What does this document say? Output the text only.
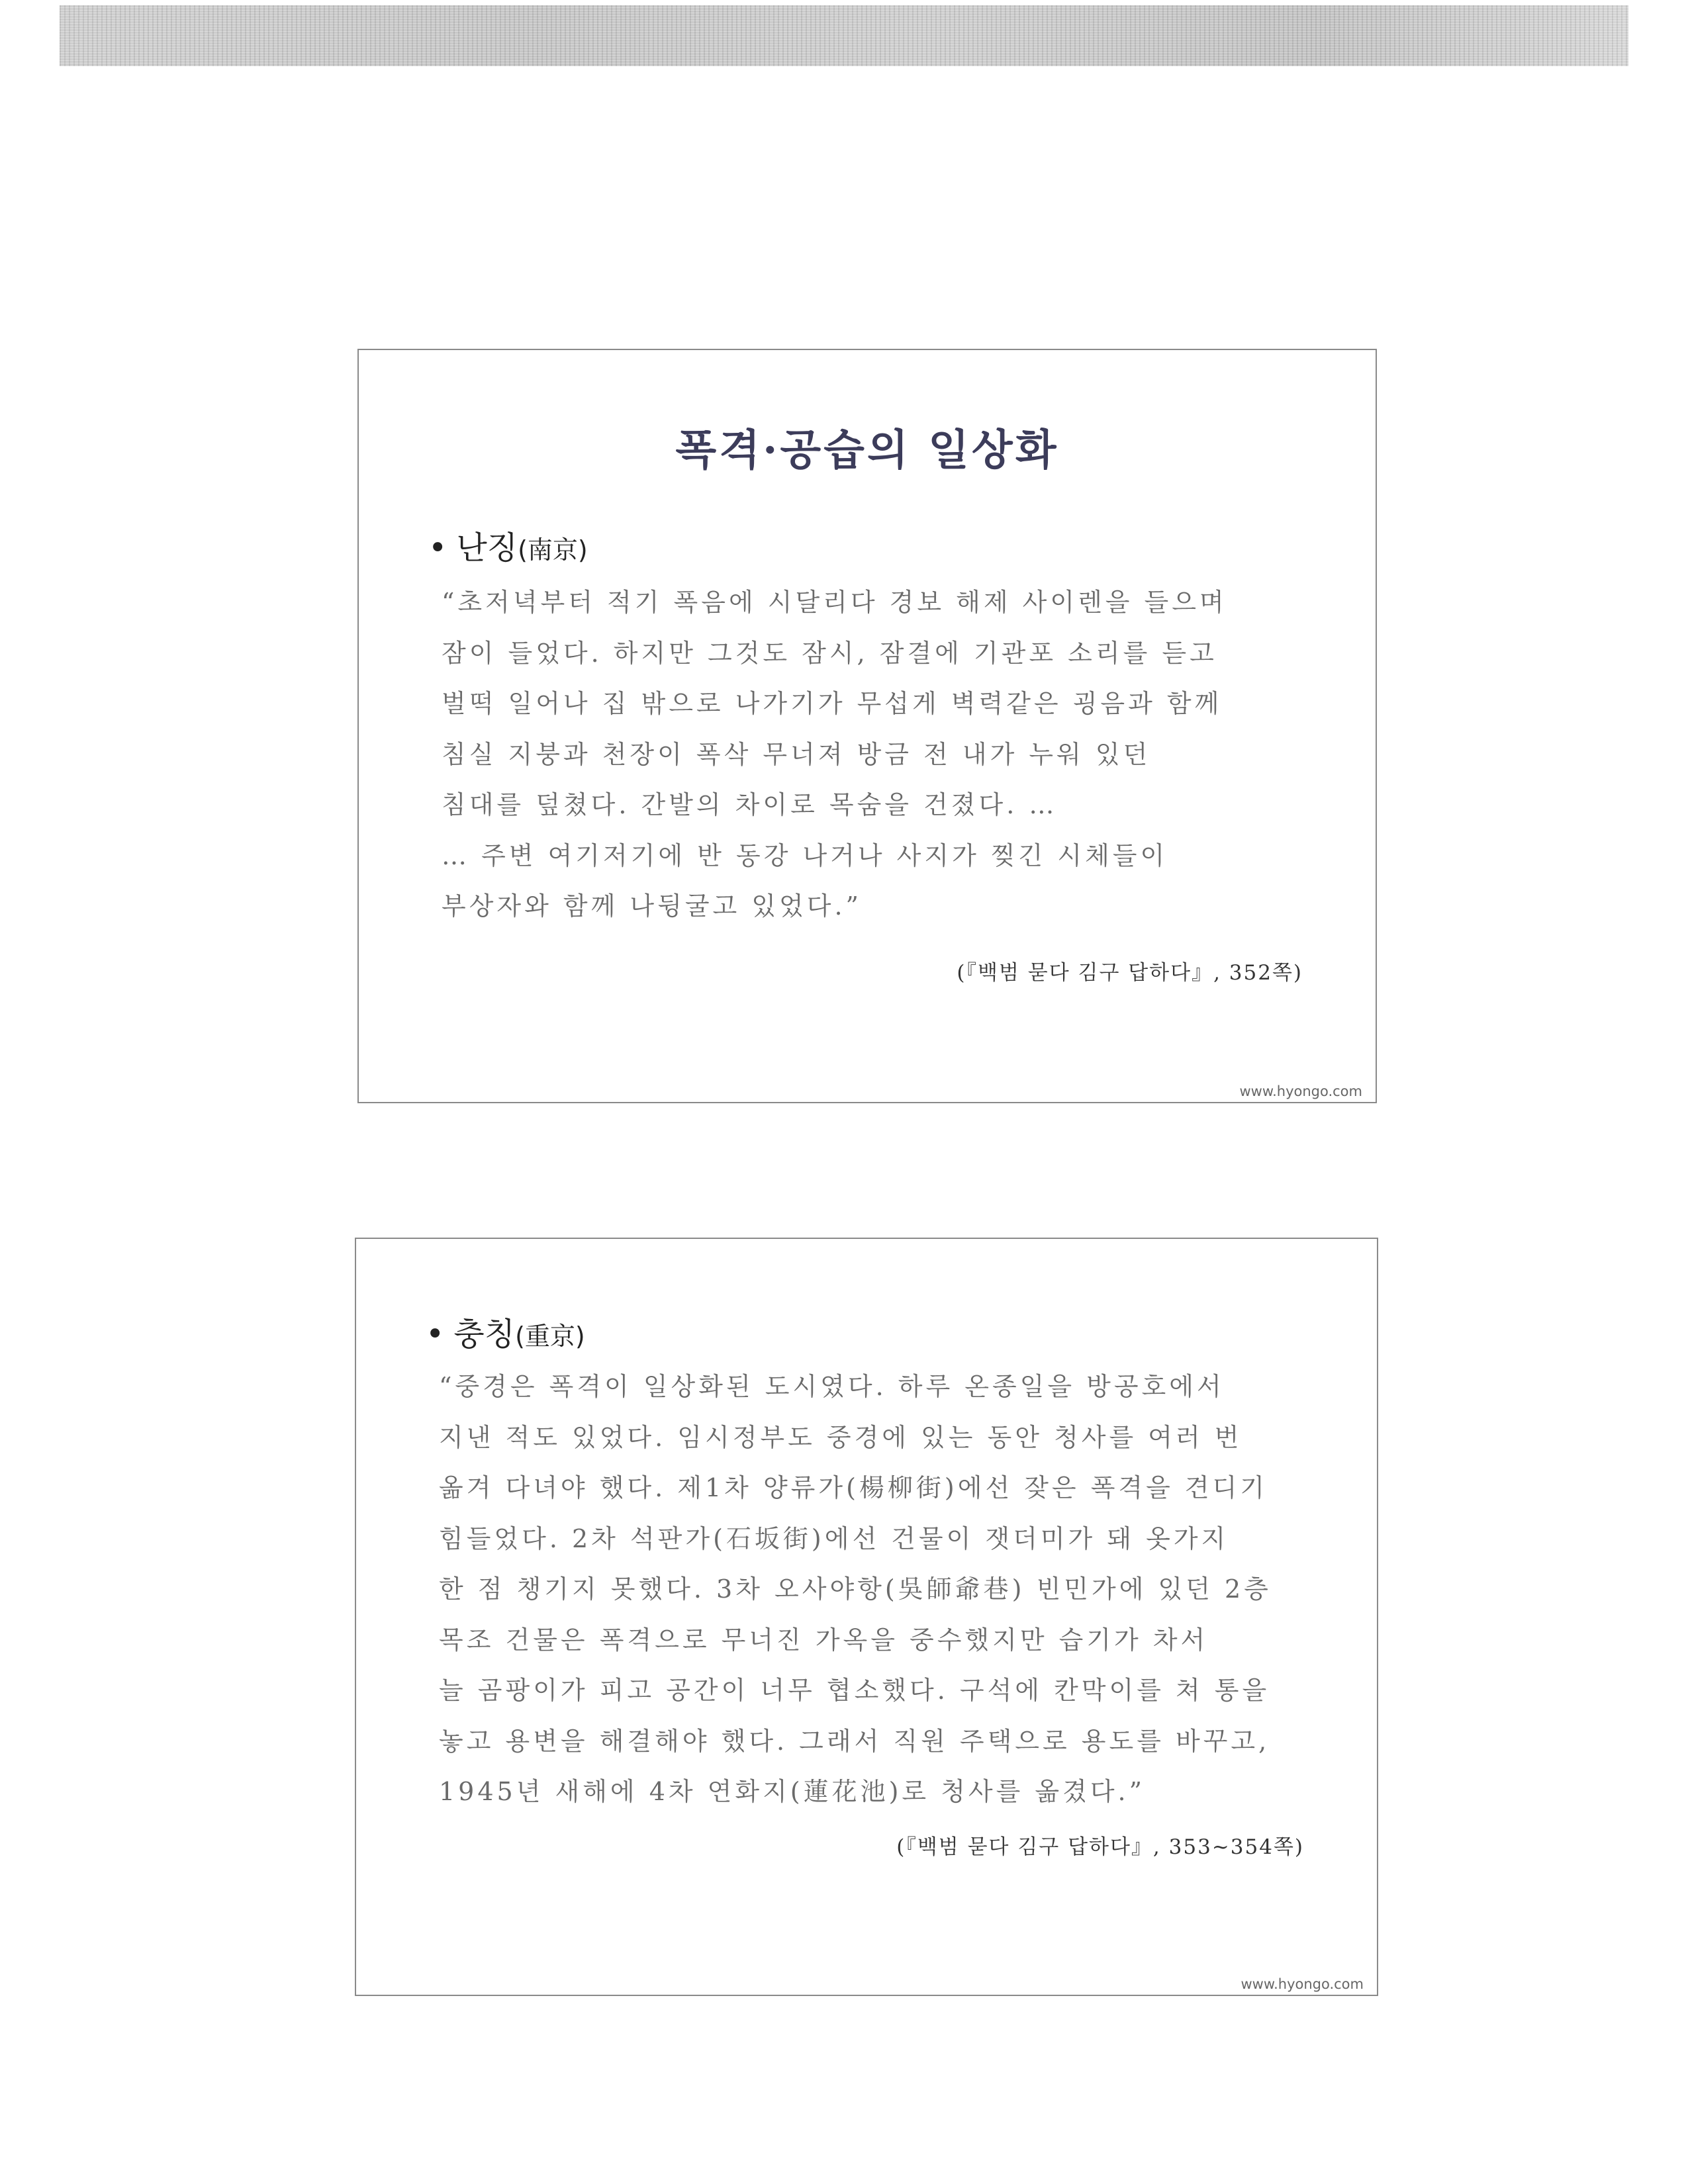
폭격·공습의 일상화
• 난징(南京)
“초저녁부터 적기 폭음에 시달리다 경보 해제 사이렌을 들으며
잠이 들었다. 하지만 그것도 잠시, 잠결에 기관포 소리를 듣고
벌떡 일어나 집 밖으로 나가기가 무섭게 벽력같은 굉음과 함께
침실 지붕과 천장이 폭삭 무너져 방금 전 내가 누워 있던
침대를 덮쳤다. 간발의 차이로 목숨을 건졌다. …
… 주변 여기저기에 반 동강 나거나 사지가 찢긴 시체들이
부상자와 함께 나뒹굴고 있었다.”
(『백범 묻다 김구 답하다』, 352쪽)
www.hyongo.com
• 충칭(重京)
“중경은 폭격이 일상화된 도시였다. 하루 온종일을 방공호에서
지낸 적도 있었다. 임시정부도 중경에 있는 동안 청사를 여러 번
옮겨 다녀야 했다. 제1차 양류가(楊柳街)에선 잦은 폭격을 견디기
힘들었다. 2차 석판가(石坂街)에선 건물이 잿더미가 돼 옷가지
한 점 챙기지 못했다. 3차 오사야항(吳師爺巷) 빈민가에 있던 2층
목조 건물은 폭격으로 무너진 가옥을 중수했지만 습기가 차서
늘 곰팡이가 피고 공간이 너무 협소했다. 구석에 칸막이를 쳐 통을
놓고 용변을 해결해야 했다. 그래서 직원 주택으로 용도를 바꾸고,
1945년 새해에 4차 연화지(蓮花池)로 청사를 옮겼다.”
(『백범 묻다 김구 답하다』, 353~354쪽)
www.hyongo.com
